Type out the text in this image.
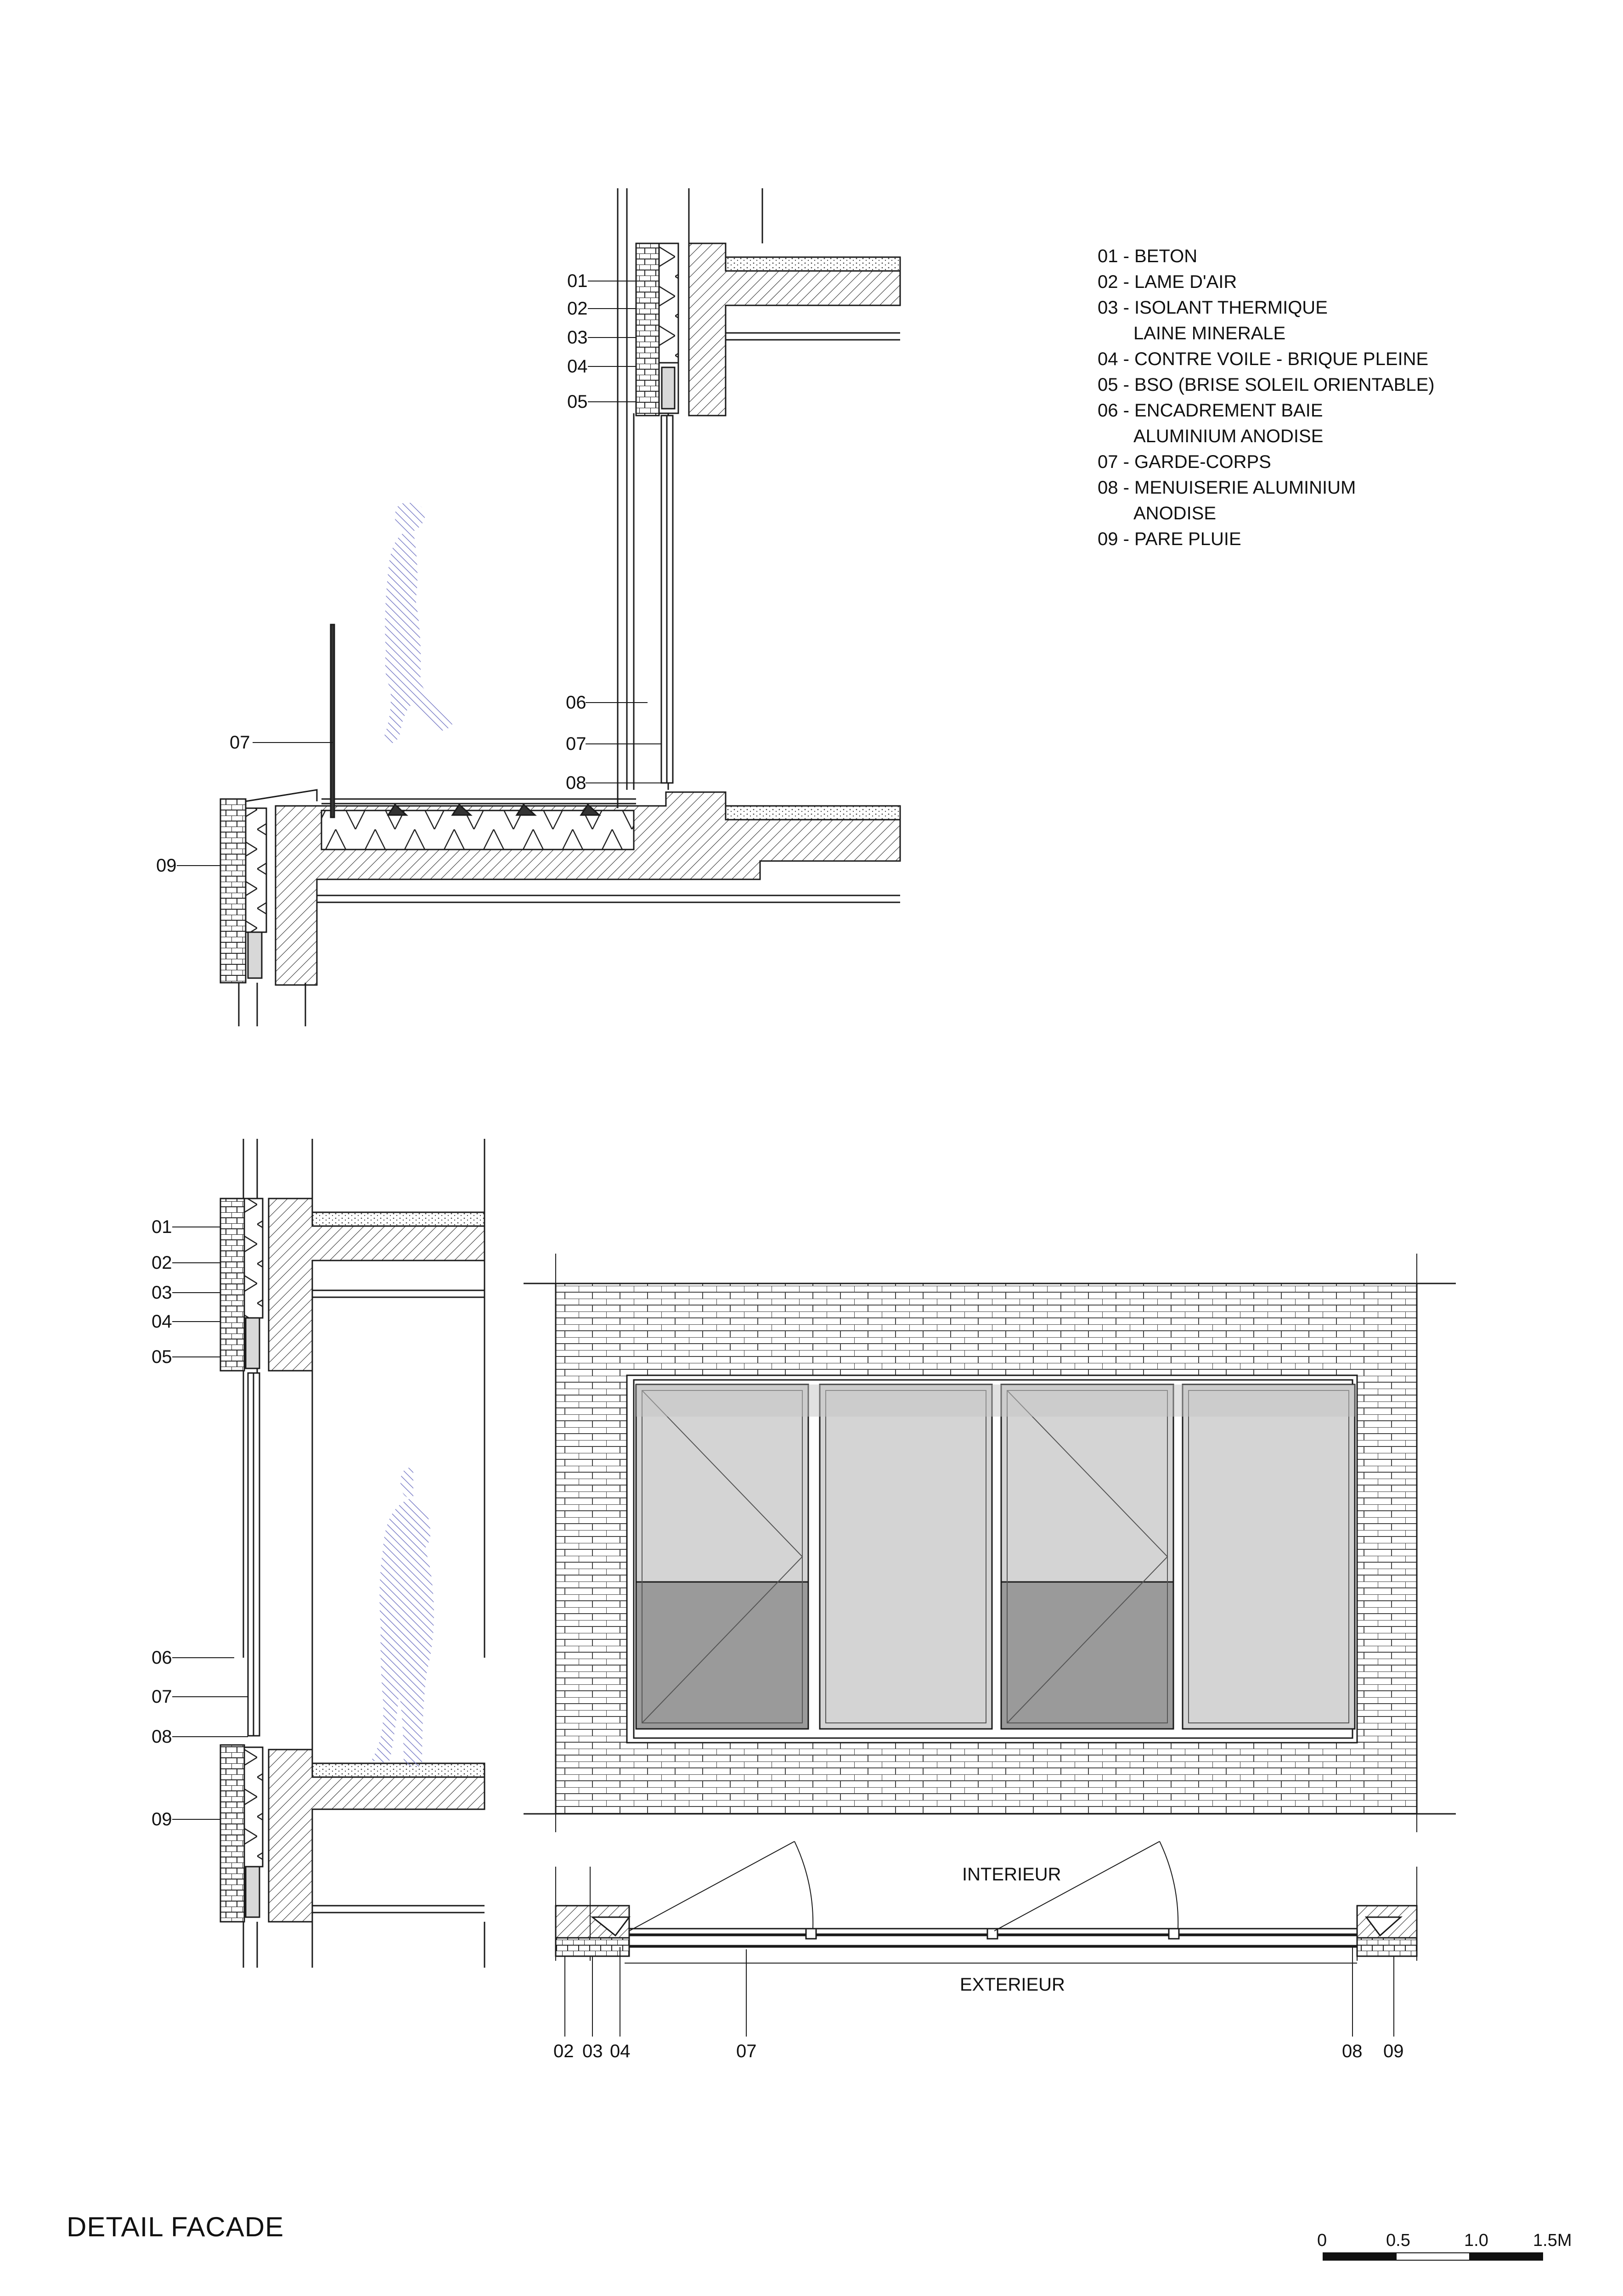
01
02
03
04
05
06
07
08
07
09
01
02
03
04
05
06
07
08
09
INTERIEUR
EXTERIEUR
02 03 04	07	08 09
01 - BETON
02 - LAME D'AIR
03 - ISOLANT THERMIQUE
LAINE MINERALE
04 - CONTRE VOILE - BRIQUE PLEINE
05 - BSO (BRISE SOLEIL ORIENTABLE)
06 - ENCADREMENT BAIE
ALUMINIUM ANODISE
07 - GARDE-CORPS
08 - MENUISERIE ALUMINIUM
ANODISE
09 - PARE PLUIE
DETAIL FACADE	0	0.5	1.0	1.5M
